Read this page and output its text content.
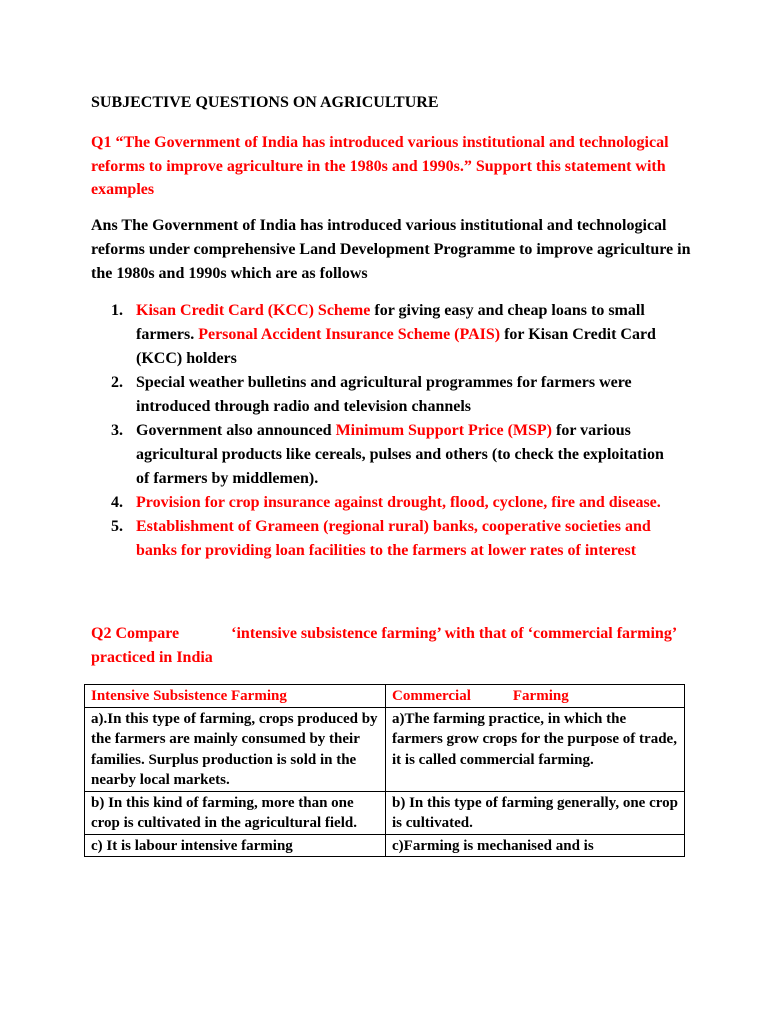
SUBJECTIVE QUESTIONS ON AGRICULTURE

Q1 “The Government of India has introduced various institutional and technological reforms to improve agriculture in the 1980s and 1990s.” Support this statement with examples

Ans The Government of India has introduced various institutional and technological reforms under comprehensive Land Development Programme to improve agriculture in the 1980s and 1990s which are as follows

1. Kisan Credit Card (KCC) Scheme for giving easy and cheap loans to small farmers. Personal Accident Insurance Scheme (PAIS) for Kisan Credit Card (KCC) holders
2. Special weather bulletins and agricultural programmes for farmers were introduced through radio and television channels
3. Government also announced Minimum Support Price (MSP) for various agricultural products like cereals, pulses and others (to check the exploitation of farmers by middlemen).
4. Provision for crop insurance against drought, flood, cyclone, fire and disease.
5. Establishment of Grameen (regional rural) banks, cooperative societies and banks for providing loan facilities to the farmers at lower rates of interest

Q2 Compare	‘intensive subsistence farming’ with that of ‘commercial farming’ practiced in India

Intensive Subsistence Farming	Commercial Farming
a).In this type of farming, crops produced by the farmers are mainly consumed by their families. Surplus production is sold in the nearby local markets.	a)The farming practice, in which the farmers grow crops for the purpose of trade, it is called commercial farming.
b) In this kind of farming, more than one crop is cultivated in the agricultural field.	b) In this type of farming generally, one crop is cultivated.
c) It is labour intensive farming	c)Farming is mechanised and is
